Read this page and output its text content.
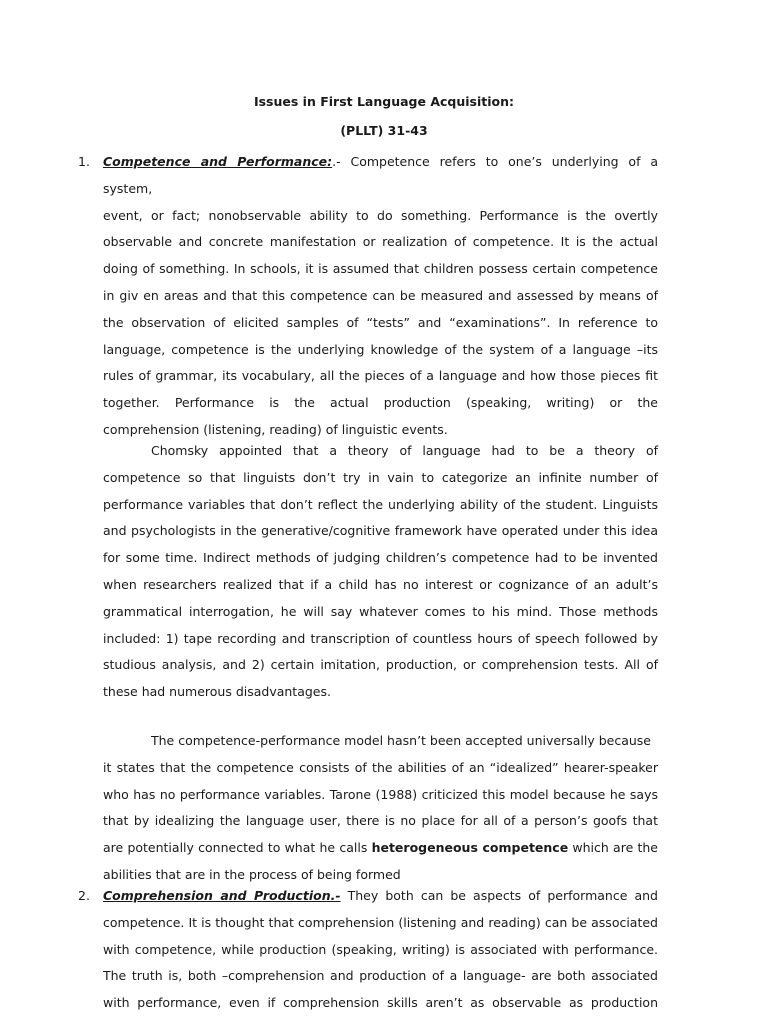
Issues in First Language Acquisition:

(PLLT) 31-43

1. Competence and Performance:.- Competence refers to one’s underlying of a system,
event, or fact; nonobservable ability to do something. Performance is the overtly
observable and concrete manifestation or realization of competence. It is the actual
doing of something. In schools, it is assumed that children possess certain competence
in giv en areas and that this competence can be measured and assessed by means of
the observation of elicited samples of “tests” and “examinations”. In reference to
language, competence is the underlying knowledge of the system of a language –its
rules of grammar, its vocabulary, all the pieces of a language and how those pieces fit
together. Performance is the actual production (speaking, writing) or the
comprehension (listening, reading) of linguistic events.
Chomsky appointed that a theory of language had to be a theory of
competence so that linguists don’t try in vain to categorize an infinite number of
performance variables that don’t reflect the underlying ability of the student. Linguists
and psychologists in the generative/cognitive framework have operated under this idea
for some time. Indirect methods of judging children’s competence had to be invented
when researchers realized that if a child has no interest or cognizance of an adult’s
grammatical interrogation, he will say whatever comes to his mind. Those methods
included: 1) tape recording and transcription of countless hours of speech followed by
studious analysis, and 2) certain imitation, production, or comprehension tests. All of
these had numerous disadvantages.
The competence-performance model hasn’t been accepted universally because
it states that the competence consists of the abilities of an “idealized” hearer-speaker
who has no performance variables. Tarone (1988) criticized this model because he says
that by idealizing the language user, there is no place for all of a person’s goofs that
are potentially connected to what he calls heterogeneous competence which are the
abilities that are in the process of being formed
2. Comprehension and Production.- They both can be aspects of performance and
competence. It is thought that comprehension (listening and reading) can be associated
with competence, while production (speaking, writing) is associated with performance.
The truth is, both –comprehension and production of a language- are both associated
with performance, even if comprehension skills aren’t as observable as production
